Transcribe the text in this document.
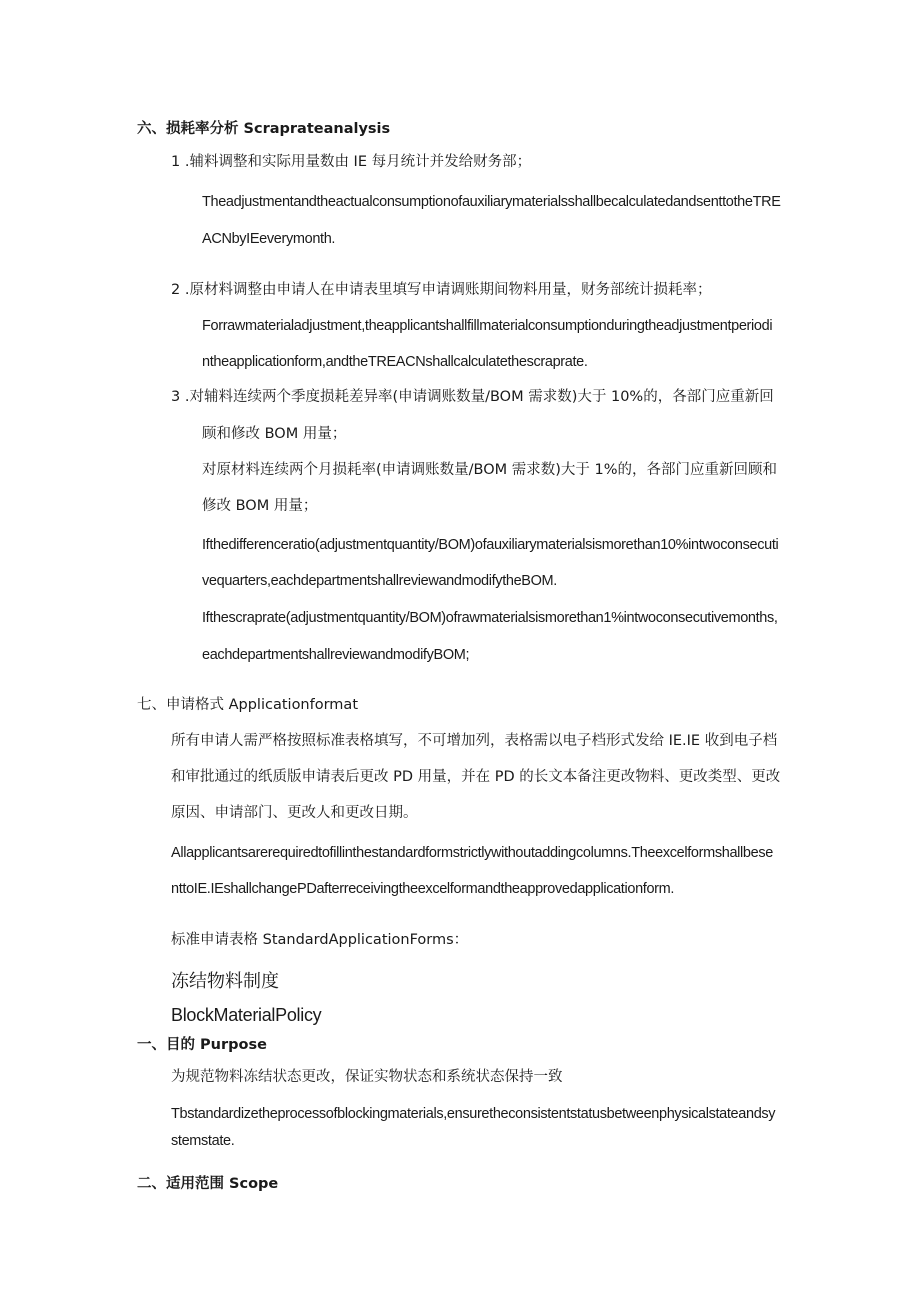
六、损耗率分析 Scraprateanalysis
1 .辅料调整和实际用量数由 IE 每月统计并发给财务部；
TheadjustmentandtheactualconsumptionofauxiliarymaterialsshallbecalculatedandsenttotheTRE
ACNbyIEeverymonth.
2 .原材料调整由申请人在申请表里填写申请调账期间物料用量，财务部统计损耗率；
Forrawmaterialadjustment,theapplicantshallfillmaterialconsumptionduringtheadjustmentperiodi
ntheapplicationform,andtheTREACNshallcalculatethescraprate.
3 .对辅料连续两个季度损耗差异率(申请调账数量/BOM 需求数)大于 10%的，各部门应重新回
顾和修改 BOM 用量；
对原材料连续两个月损耗率(申请调账数量/BOM 需求数)大于 1%的，各部门应重新回顾和
修改 BOM 用量；
Ifthedifferenceratio(adjustmentquantity/BOM)ofauxiliarymaterialsismorethan10%intwoconsecuti
vequarters,eachdepartmentshallreviewandmodifytheBOM.
Ifthescraprate(adjustmentquantity/BOM)ofrawmaterialsismorethan1%intwoconsecutivemonths,
eachdepartmentshallreviewandmodifyBOM;
七、申请格式 Applicationformat
所有申请人需严格按照标准表格填写，不可增加列，表格需以电子档形式发给 IE.IE 收到电子档
和审批通过的纸质版申请表后更改 PD 用量，并在 PD 的长文本备注更改物料、更改类型、更改
原因、申请部门、更改人和更改日期。
Allapplicantsarerequiredtofillinthestandardformstrictlywithoutaddingcolumns.Theexcelformshallbese
nttoIE.IEshallchangePDafterreceivingtheexcelformandtheapprovedapplicationform.
标准申请表格 StandardApplicationForms：
冻结物料制度
BlockMaterialPolicy
一、目的 Purpose
为规范物料冻结状态更改，保证实物状态和系统状态保持一致
Tbstandardizetheprocessofblockingmaterials,ensuretheconsistentstatusbetweenphysicalstateandsy
stemstate.
二、适用范围 Scope
